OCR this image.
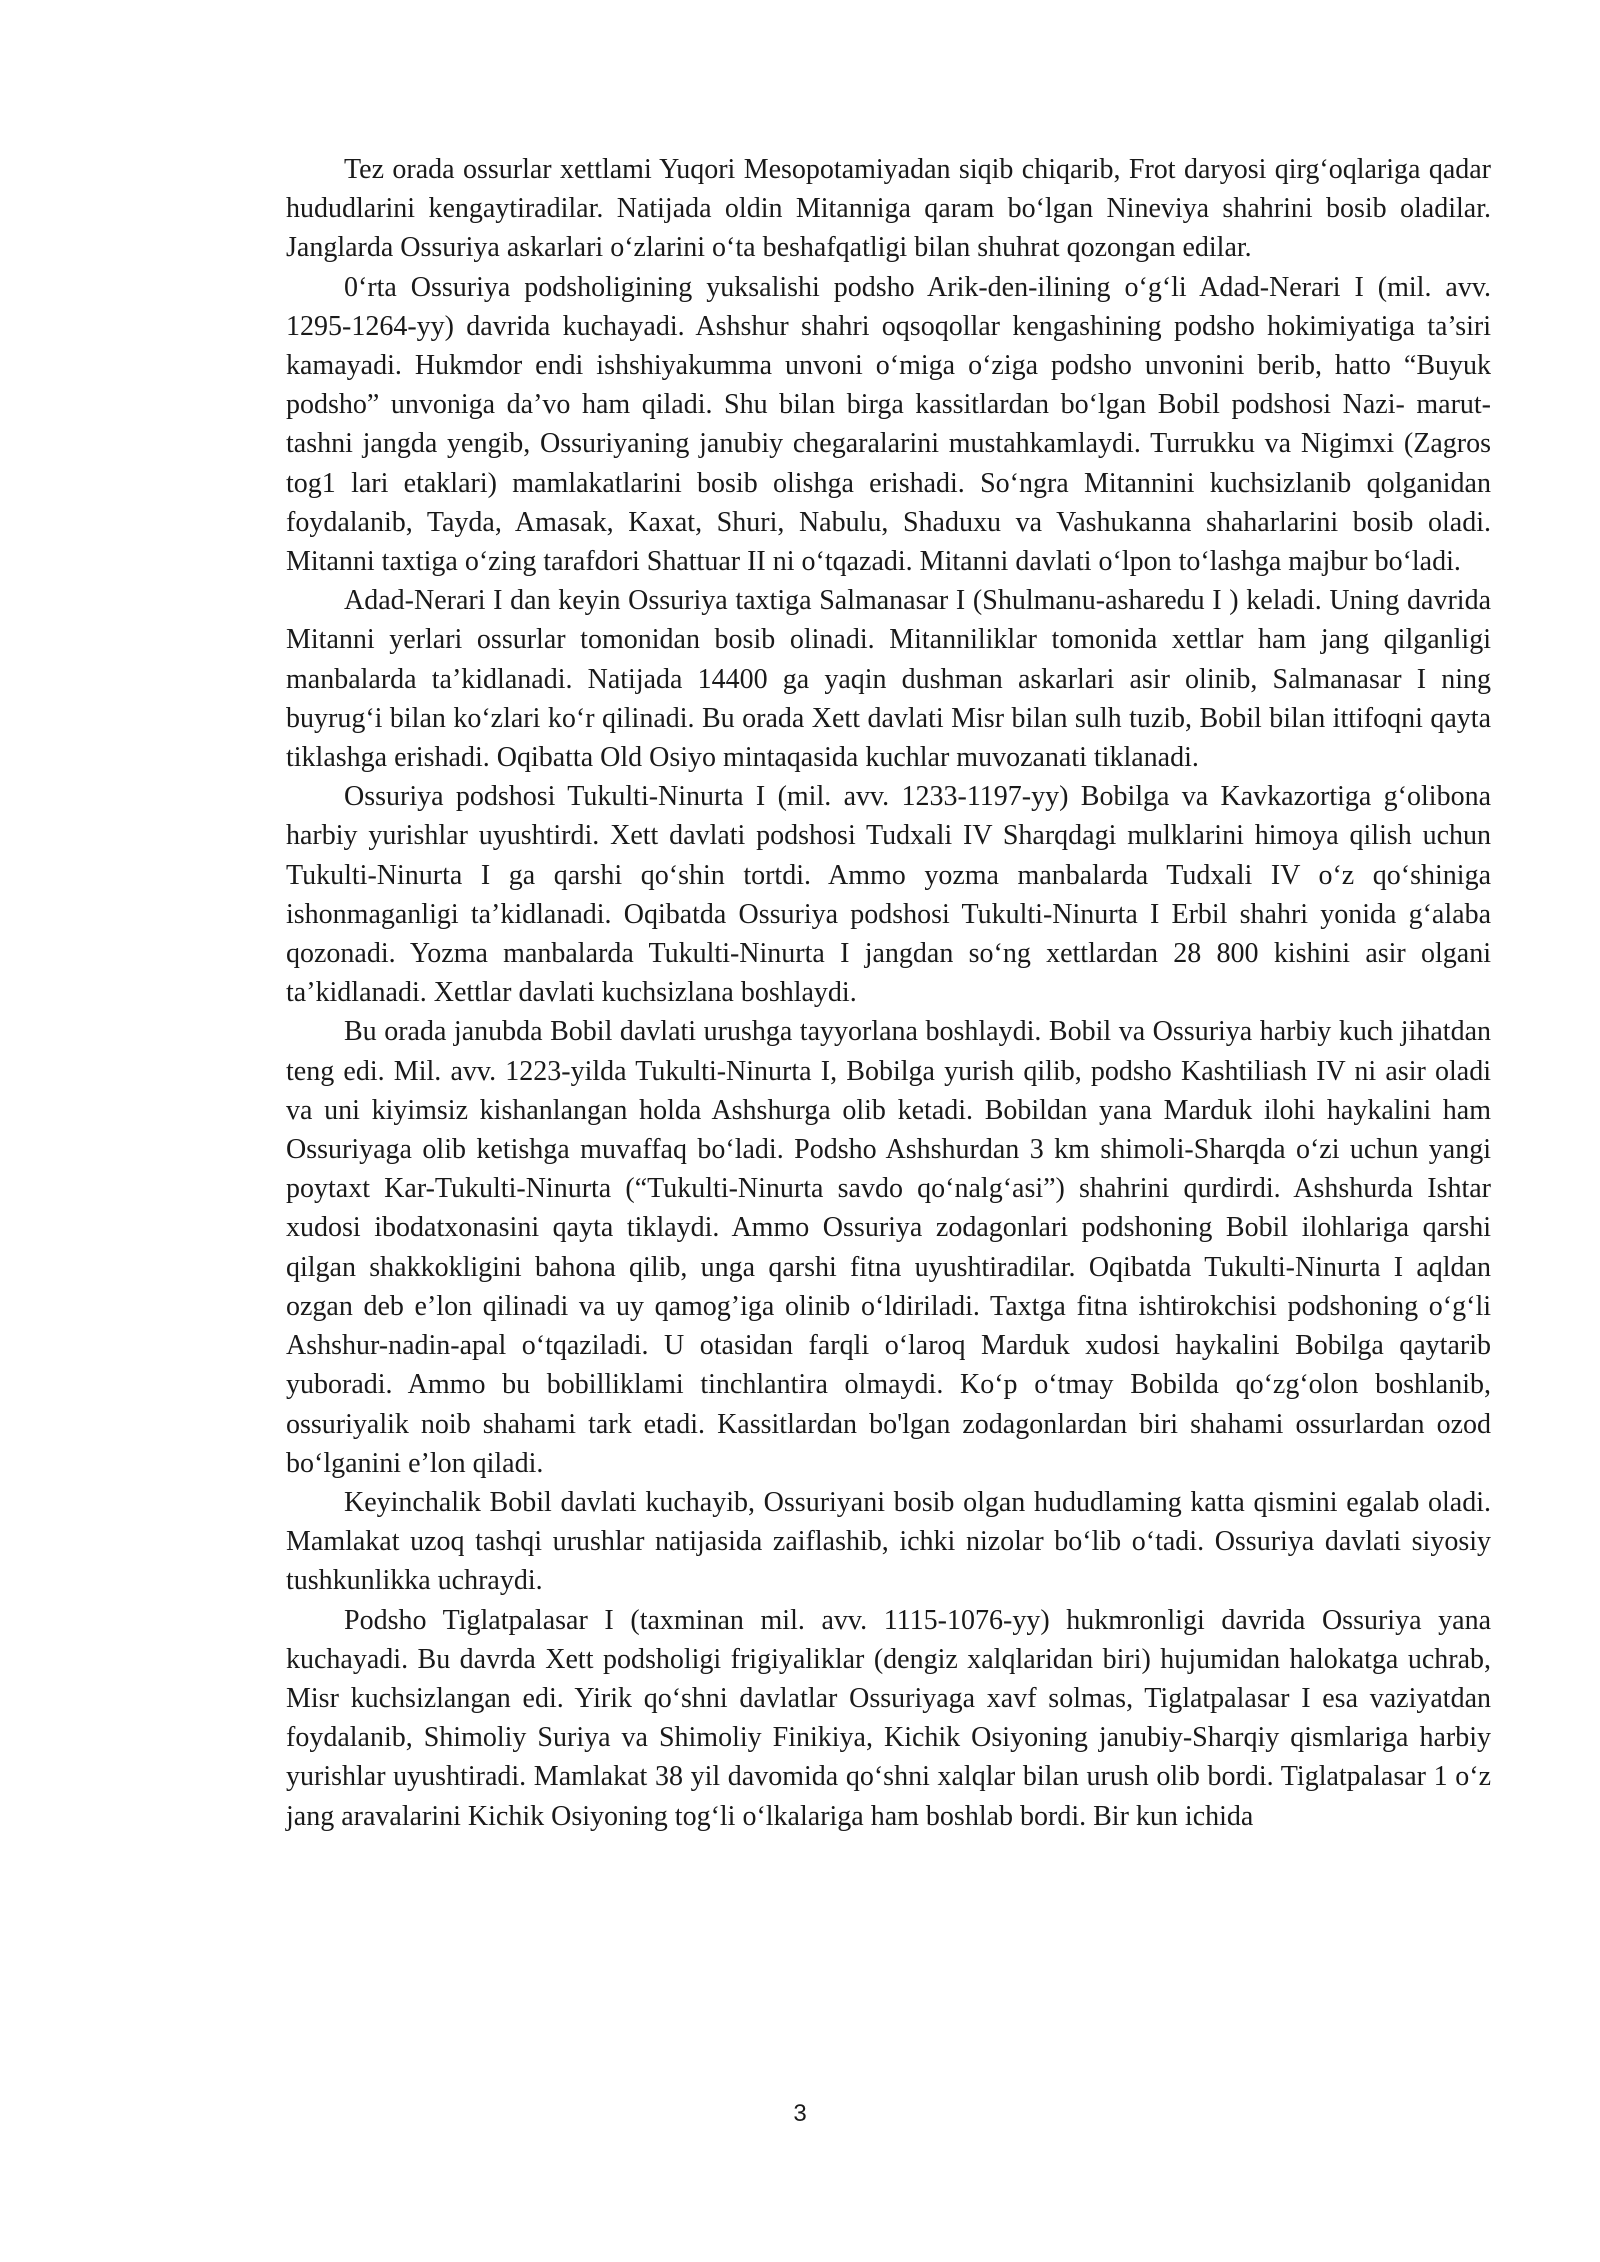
Tez orada ossurlar xettlami Yuqori Mesopotamiyadan siqib chiqarib, Frot daryosi qirg‘oqlariga qadar hududlarini kengaytiradilar. Natijada oldin Mitanniga qaram bo‘lgan Nineviya shahrini bosib oladilar. Janglarda Ossuriya askarlari o‘zlarini o‘ta beshafqatligi bilan shuhrat qozongan edilar.

0‘rta Ossuriya podsholigining yuksalishi podsho Arik-den-ilining o‘g‘li Adad-Nerari I (mil. avv. 1295-1264-yy) davrida kuchayadi. Ashshur shahri oqsoqollar kengashining podsho hokimiyatiga ta’siri kamayadi. Hukmdor endi ishshiyakumma unvoni o‘miga o‘ziga podsho unvonini berib, hatto “Buyuk podsho” unvoniga da’vo ham qiladi. Shu bilan birga kassitlardan bo‘lgan Bobil podshosi Nazi- marut-tashni jangda yengib, Ossuriyaning janubiy chegaralarini mustahkamlaydi. Turrukku va Nigimxi (Zagros tog1 lari etaklari) mamlakatlarini bosib olishga erishadi. So‘ngra Mitannini kuchsizlanib qolganidan foydalanib, Tayda, Amasak, Kaxat, Shuri, Nabulu, Shaduxu va Vashukanna shaharlarini bosib oladi. Mitanni taxtiga o‘zing tarafdori Shattuar II ni o‘tqazadi. Mitanni davlati o‘lpon to‘lashga majbur bo‘ladi.

Adad-Nerari I dan keyin Ossuriya taxtiga Salmanasar I (Shulmanu-asharedu I ) keladi. Uning davrida Mitanni yerlari ossurlar tomonidan bosib olinadi. Mitanniliklar tomonida xettlar ham jang qilganligi manbalarda ta’kidlanadi. Natijada 14400 ga yaqin dushman askarlari asir olinib, Salmanasar I ning buyrug‘i bilan ko‘zlari ko‘r qilinadi. Bu orada Xett davlati Misr bilan sulh tuzib, Bobil bilan ittifoqni qayta tiklashga erishadi. Oqibatta Old Osiyo mintaqasida kuchlar muvozanati tiklanadi.

Ossuriya podshosi Tukulti-Ninurta I (mil. avv. 1233-1197-yy) Bobilga va Kavkazortiga g‘olibona harbiy yurishlar uyushtirdi. Xett davlati podshosi Tudxali IV Sharqdagi mulklarini himoya qilish uchun Tukulti-Ninurta I ga qarshi qo‘shin tortdi. Ammo yozma manbalarda Tudxali IV o‘z qo‘shiniga ishonmaganligi ta’kidlanadi. Oqibatda Ossuriya podshosi Tukulti-Ninurta I Erbil shahri yonida g‘alaba qozonadi. Yozma manbalarda Tukulti-Ninurta I jangdan so‘ng xettlardan 28 800 kishini asir olgani ta’kidlanadi. Xettlar davlati kuchsizlana boshlaydi.

Bu orada janubda Bobil davlati urushga tayyorlana boshlaydi. Bobil va Ossuriya harbiy kuch jihatdan teng edi. Mil. avv. 1223-yilda Tukulti-Ninurta I, Bobilga yurish qilib, podsho Kashtiliash IV ni asir oladi va uni kiyimsiz kishanlangan holda Ashshurga olib ketadi. Bobildan yana Marduk ilohi haykalini ham Ossuriyaga olib ketishga muvaffaq bo‘ladi. Podsho Ashshurdan 3 km shimoli-Sharqda o‘zi uchun yangi poytaxt Kar-Tukulti-Ninurta (“Tukulti-Ninurta savdo qo‘nalg‘asi”) shahrini qurdirdi. Ashshurda Ishtar xudosi ibodatxonasini qayta tiklaydi. Ammo Ossuriya zodagonlari podshoning Bobil ilohlariga qarshi qilgan shakkokligini bahona qilib, unga qarshi fitna uyushtiradilar. Oqibatda Tukulti-Ninurta I aqldan ozgan deb e’lon qilinadi va uy qamog’iga olinib o‘ldiriladi. Taxtga fitna ishtirokchisi podshoning o‘g‘li Ashshur-nadin-apal o‘tqaziladi. U otasidan farqli o‘laroq Marduk xudosi haykalini Bobilga qaytarib yuboradi. Ammo bu bobilliklami tinchlantira olmaydi. Ko‘p o‘tmay Bobilda qo‘zg‘olon boshlanib, ossuriyalik noib shahami tark etadi. Kassitlardan bo'lgan zodagonlardan biri shahami ossurlardan ozod bo‘lganini e’lon qiladi.

Keyinchalik Bobil davlati kuchayib, Ossuriyani bosib olgan hududlaming katta qismini egalab oladi. Mamlakat uzoq tashqi urushlar natijasida zaiflashib, ichki nizolar bo‘lib o‘tadi. Ossuriya davlati siyosiy tushkunlikka uchraydi.

Podsho Tiglatpalasar I (taxminan mil. avv. 1115-1076-yy) hukmronligi davrida Ossuriya yana kuchayadi. Bu davrda Xett podsholigi frigiyaliklar (dengiz xalqlaridan biri) hujumidan halokatga uchrab, Misr kuchsizlangan edi. Yirik qo‘shni davlatlar Ossuriyaga xavf solmas, Tiglatpalasar I esa vaziyatdan foydalanib, Shimoliy Suriya va Shimoliy Finikiya, Kichik Osiyoning janubiy-Sharqiy qismlariga harbiy yurishlar uyushtiradi. Mamlakat 38 yil davomida qo‘shni xalqlar bilan urush olib bordi. Tiglatpalasar 1 o‘z jang aravalarini Kichik Osiyoning tog‘li o‘lkalariga ham boshlab bordi. Bir kun ichida

3
